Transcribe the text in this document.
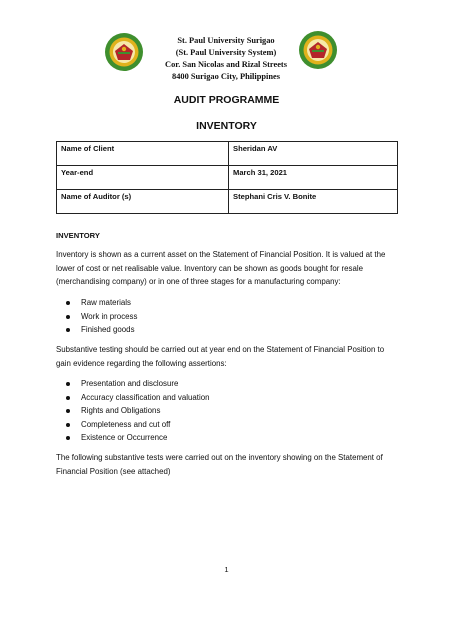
St. Paul University Surigao
(St. Paul University System)
Cor. San Nicolas and Rizal Streets
8400 Surigao City, Philippines
AUDIT PROGRAMME
INVENTORY
Name of Client	Sheridan AV
Year-end	March 31, 2021
Name of Auditor (s)	Stephani Cris V. Bonite
INVENTORY

Inventory is shown as a current asset on the Statement of Financial Position. It is valued at the lower of cost or net realisable value. Inventory can be shown as goods bought for resale (merchandising company) or in one of three stages for a manufacturing company:

Raw materials
Work in process
Finished goods

Substantive testing should be carried out at year end on the Statement of Financial Position to gain evidence regarding the following assertions:

Presentation and disclosure
Accuracy classification and valuation
Rights and Obligations
Completeness and cut off
Existence or Occurrence

The following substantive tests were carried out on the inventory showing on the Statement of Financial Position (see attached)

1
